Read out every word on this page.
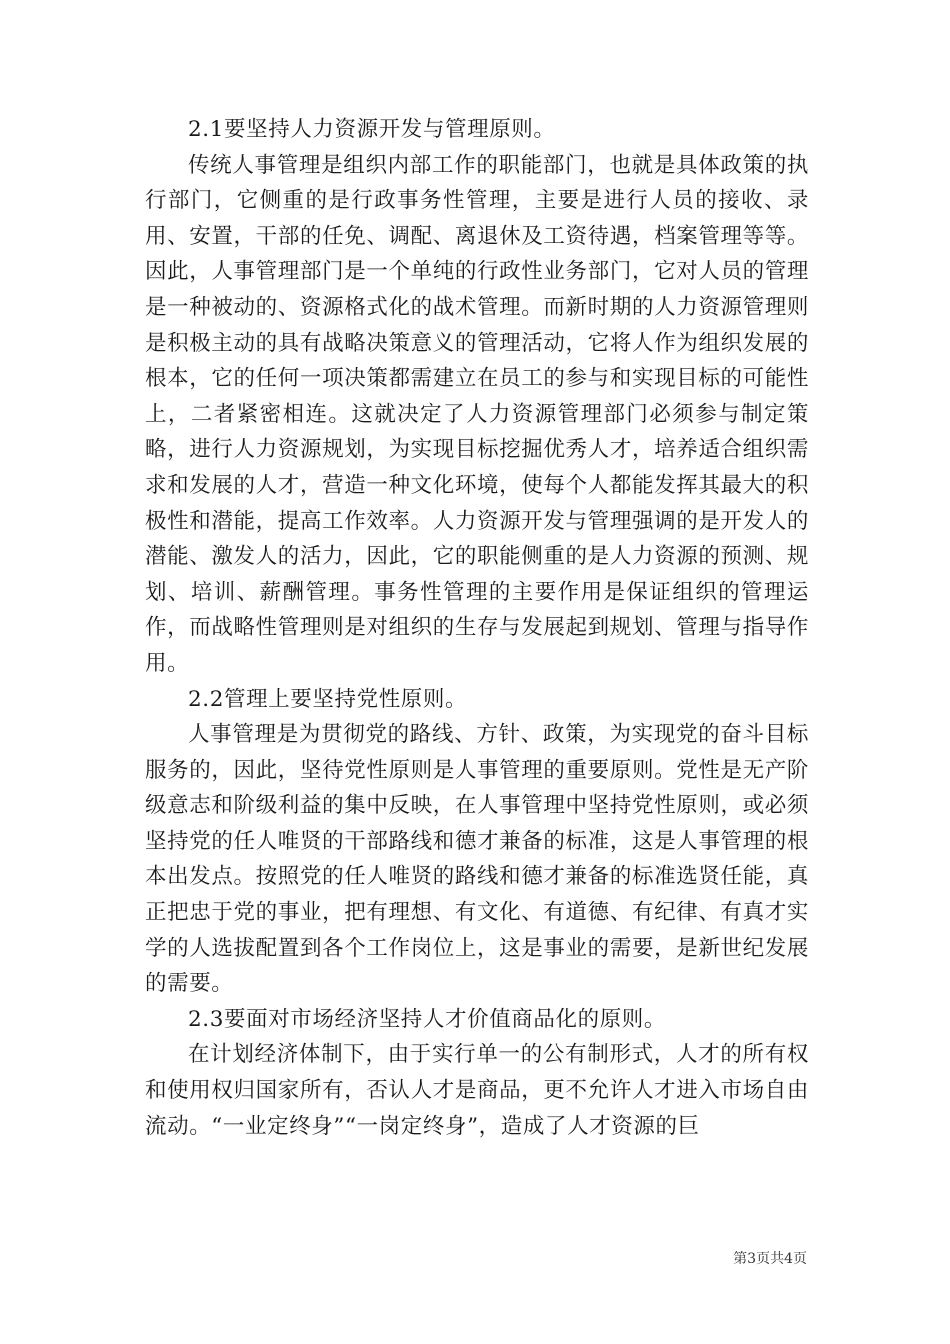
2.1要坚持人力资源开发与管理原则。

传统人事管理是组织内部工作的职能部门，也就是具体政策的执行部门，它侧重的是行政事务性管理，主要是进行人员的接收、录用、安置，干部的任免、调配、离退休及工资待遇，档案管理等等。因此，人事管理部门是一个单纯的行政性业务部门，它对人员的管理是一种被动的、资源格式化的战术管理。而新时期的人力资源管理则是积极主动的具有战略决策意义的管理活动，它将人作为组织发展的根本，它的任何一项决策都需建立在员工的参与和实现目标的可能性上，二者紧密相连。这就决定了人力资源管理部门必须参与制定策略，进行人力资源规划，为实现目标挖掘优秀人才，培养适合组织需求和发展的人才，营造一种文化环境，使每个人都能发挥其最大的积极性和潜能，提高工作效率。人力资源开发与管理强调的是开发人的潜能、激发人的活力，因此，它的职能侧重的是人力资源的预测、规划、培训、薪酬管理。事务性管理的主要作用是保证组织的管理运作，而战略性管理则是对组织的生存与发展起到规划、管理与指导作用。

2.2管理上要坚持党性原则。

人事管理是为贯彻党的路线、方针、政策，为实现党的奋斗目标服务的，因此，坚待党性原则是人事管理的重要原则。党性是无产阶级意志和阶级利益的集中反映，在人事管理中坚持党性原则，或必须坚持党的任人唯贤的干部路线和德才兼备的标准，这是人事管理的根本出发点。按照党的任人唯贤的路线和德才兼备的标准选贤任能，真正把忠于党的事业，把有理想、有文化、有道德、有纪律、有真才实学的人选拔配置到各个工作岗位上，这是事业的需要，是新世纪发展的需要。

2.3要面对市场经济坚持人才价值商品化的原则。

在计划经济体制下，由于实行单一的公有制形式，人才的所有权和使用权归国家所有，否认人才是商品，更不允许人才进入市场自由流动。“一业定终身”“一岗定终身”，造成了人才资源的巨

第3页共4页
